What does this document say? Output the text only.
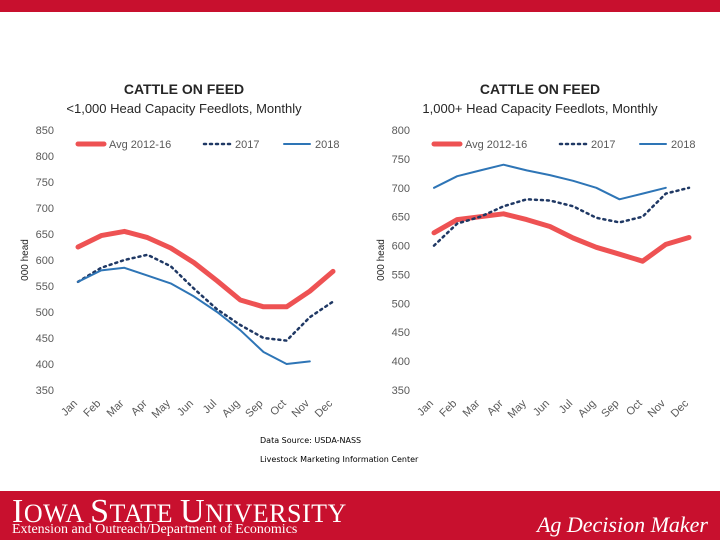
CATTLE ON FEED
<1,000 Head Capacity Feedlots, Monthly
000 head
350
400
450
500
550
600
650
700
750
800
850
Jan Feb Mar Apr May Jun Jul Aug Sep Oct Nov Dec
Avg 2012-16	2017	2018
CATTLE ON FEED
1,000+ Head Capacity Feedlots, Monthly
000 head
350
400
450
500
550
600
650
700
750
800
Jan Feb Mar Apr May Jun Jul Aug Sep Oct Nov Dec
Avg 2012-16	2017	2018
Data Source: USDA-NASS
Livestock Marketing Information Center
IOWA STATE UNIVERSITY
Extension and Outreach/Department of Economics	Ag Decision Maker
